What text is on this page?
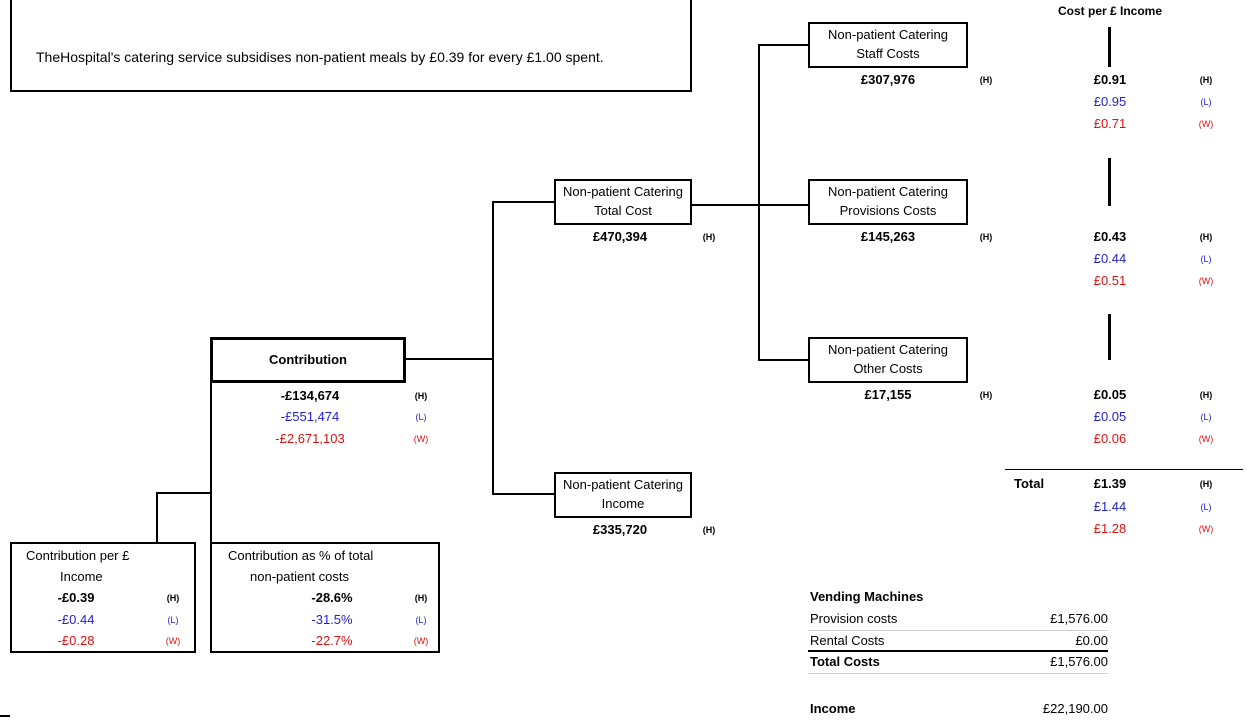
TheHospital's catering service subsidises non-patient meals by £0.39 for every £1.00 spent.
Cost per £ Income
Contribution
-£134,674	(H)
-£551,474	(L)
-£2,671,103	(W)
Non-patient Catering
Total Cost
£470,394	(H)
Non-patient Catering
Income
£335,720	(H)
Non-patient Catering
Staff Costs
£307,976	(H)	£0.91	(H)
£0.95	(L)
£0.71	(W)
Non-patient Catering
Provisions Costs
£145,263	(H)	£0.43	(H)
£0.44	(L)
£0.51	(W)
Non-patient Catering
Other Costs
£17,155	(H)	£0.05	(H)
£0.05	(L)
£0.06	(W)
Total	£1.39	(H)
£1.44	(L)
£1.28	(W)
Contribution per £
Income
-£0.39	(H)
-£0.44	(L)
-£0.28	(W)
Contribution as % of total
non-patient costs
-28.6%	(H)
-31.5%	(L)
-22.7%	(W)
Vending Machines
Provision costs	£1,576.00
Rental Costs	£0.00
Total Costs	£1,576.00
Income	£22,190.00
